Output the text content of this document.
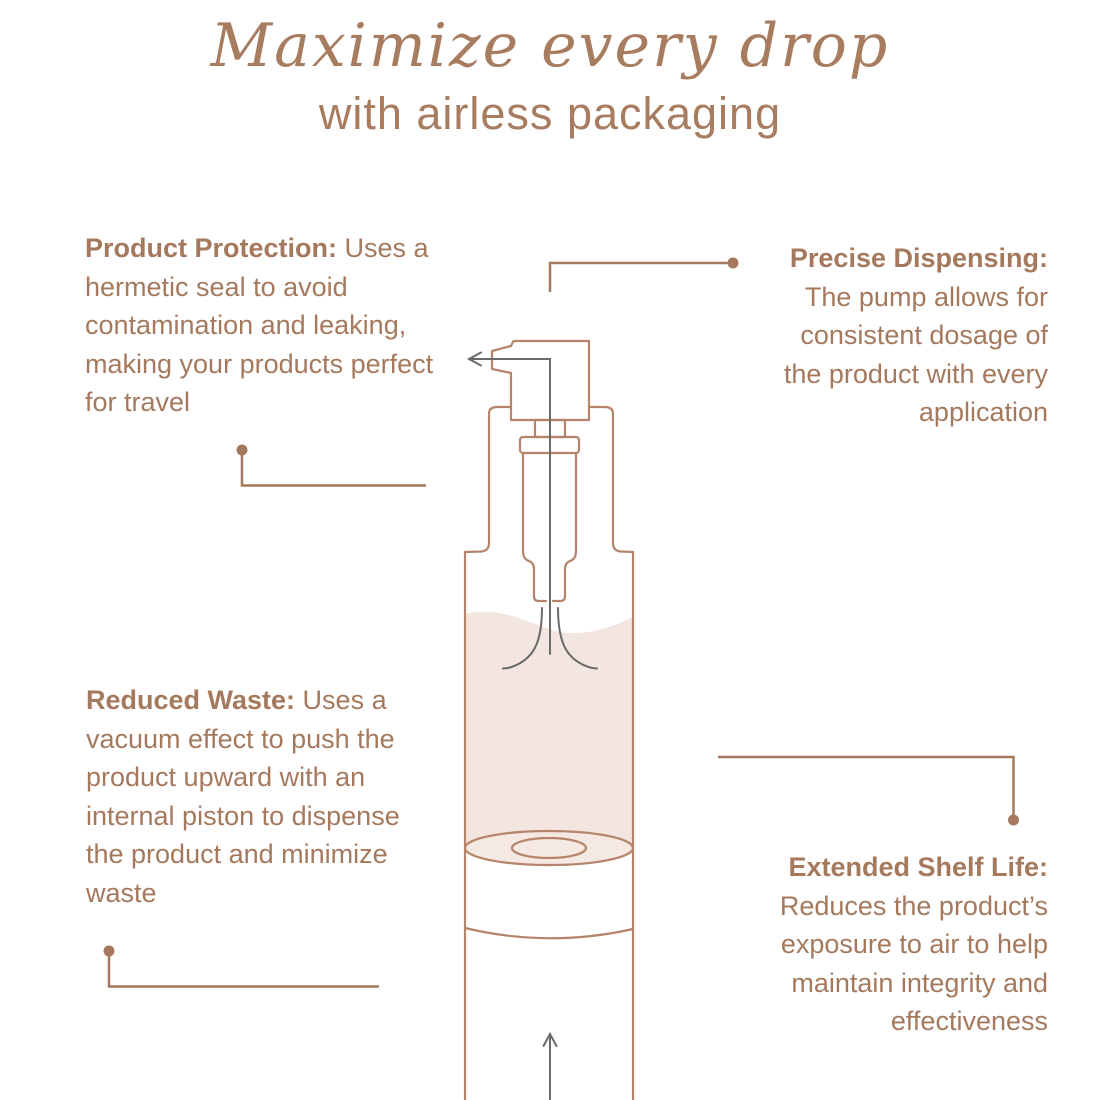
Maximize every drop
with airless packaging

Product Protection: Uses a hermetic seal to avoid contamination and leaking, making your products perfect for travel

Precise Dispensing: The pump allows for consistent dosage of the product with every application

Reduced Waste: Uses a vacuum effect to push the product upward with an internal piston to dispense the product and minimize waste

Extended Shelf Life: Reduces the product’s exposure to air to help maintain integrity and effectiveness
